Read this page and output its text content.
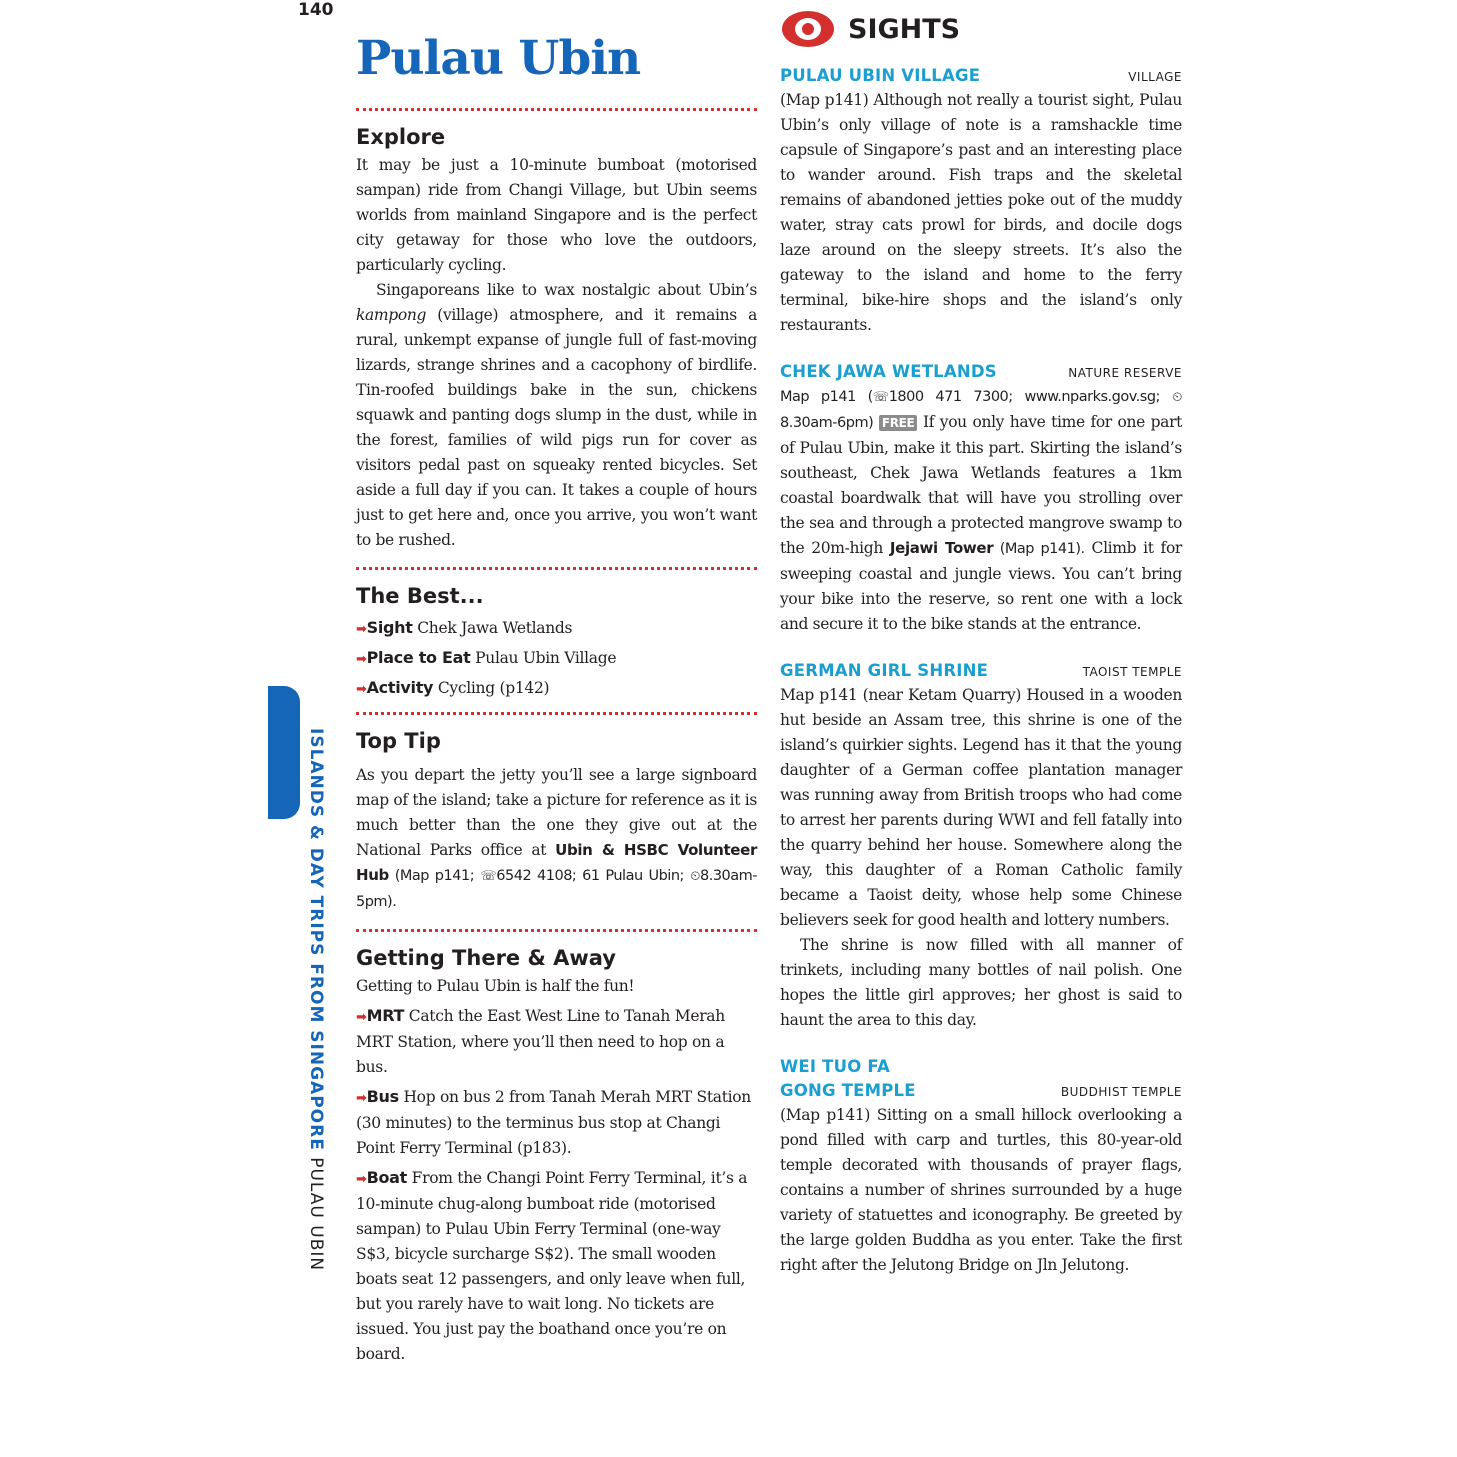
140
ISLANDS & DAY TRIPS FROM SINGAPORE PULAU UBIN
Pulau Ubin
Explore

It may be just a 10-minute bumboat (motorised sampan) ride from Changi Village, but Ubin seems worlds from mainland Singapore and is the perfect city getaway for those who love the outdoors, particularly cycling.

Singaporeans like to wax nostalgic about Ubin’s kampong (village) atmosphere, and it remains a rural, unkempt expanse of jungle full of fast-moving lizards, strange shrines and a cacophony of birdlife. Tin-roofed buildings bake in the sun, chickens squawk and panting dogs slump in the dust, while in the forest, families of wild pigs run for cover as visitors pedal past on squeaky rented bicycles. Set aside a full day if you can. It takes a couple of hours just to get here and, once you arrive, you won’t want to be rushed.

The Best...
➡Sight Chek Jawa Wetlands
➡Place to Eat Pulau Ubin Village
➡Activity Cycling (p142)
Top Tip

As you depart the jetty you’ll see a large signboard map of the island; take a picture for reference as it is much better than the one they give out at the National Parks office at Ubin & HSBC Volunteer Hub (Map p141; ☏6542 4108; 61 Pulau Ubin; ⏲8.30am-5pm).

Getting There & Away

Getting to Pulau Ubin is half the fun!

➡MRT Catch the East West Line to Tanah Merah MRT Station, where you’ll then need to hop on a bus.
➡Bus Hop on bus 2 from Tanah Merah MRT Station (30 minutes) to the terminus bus stop at Changi Point Ferry Terminal (p183).
➡Boat From the Changi Point Ferry Terminal, it’s a 10-minute chug-along bumboat ride (motorised sampan) to Pulau Ubin Ferry Terminal (one-way S$3, bicycle surcharge S$2). The small wooden boats seat 12 passengers, and only leave when full, but you rarely have to wait long. No tickets are issued. You just pay the boathand once you’re on board.
SIGHTS
PULAU UBIN VILLAGE	VILLAGE

(Map p141) Although not really a tourist sight, Pulau Ubin’s only village of note is a ramshackle time capsule of Singapore’s past and an interesting place to wander around. Fish traps and the skeletal remains of abandoned jetties poke out of the muddy water, stray cats prowl for birds, and docile dogs laze around on the sleepy streets. It’s also the gateway to the island and home to the ferry terminal, bike-hire shops and the island’s only restaurants.

CHEK JAWA WETLANDS	NATURE RESERVE

Map p141 (☏1800 471 7300; www.nparks.gov.sg; ⏲8.30am-6pm) FREE If you only have time for one part of Pulau Ubin, make it this part. Skirting the island’s southeast, Chek Jawa Wetlands features a 1km coastal boardwalk that will have you strolling over the sea and through a protected mangrove swamp to the 20m-high Jejawi Tower (Map p141). Climb it for sweeping coastal and jungle views. You can’t bring your bike into the reserve, so rent one with a lock and secure it to the bike stands at the entrance.

GERMAN GIRL SHRINE	TAOIST TEMPLE

Map p141 (near Ketam Quarry) Housed in a wooden hut beside an Assam tree, this shrine is one of the island’s quirkier sights. Legend has it that the young daughter of a German coffee plantation manager was running away from British troops who had come to arrest her parents during WWI and fell fatally into the quarry behind her house. Somewhere along the way, this daughter of a Roman Catholic family became a Taoist deity, whose help some Chinese believers seek for good health and lottery numbers.

The shrine is now filled with all manner of trinkets, including many bottles of nail polish. One hopes the little girl approves; her ghost is said to haunt the area to this day.

WEI TUO FA
GONG TEMPLE	BUDDHIST TEMPLE

(Map p141) Sitting on a small hillock overlooking a pond filled with carp and turtles, this 80-year-old temple decorated with thousands of prayer flags, contains a number of shrines surrounded by a huge variety of statuettes and iconography. Be greeted by the large golden Buddha as you enter. Take the first right after the Jelutong Bridge on Jln Jelutong.
